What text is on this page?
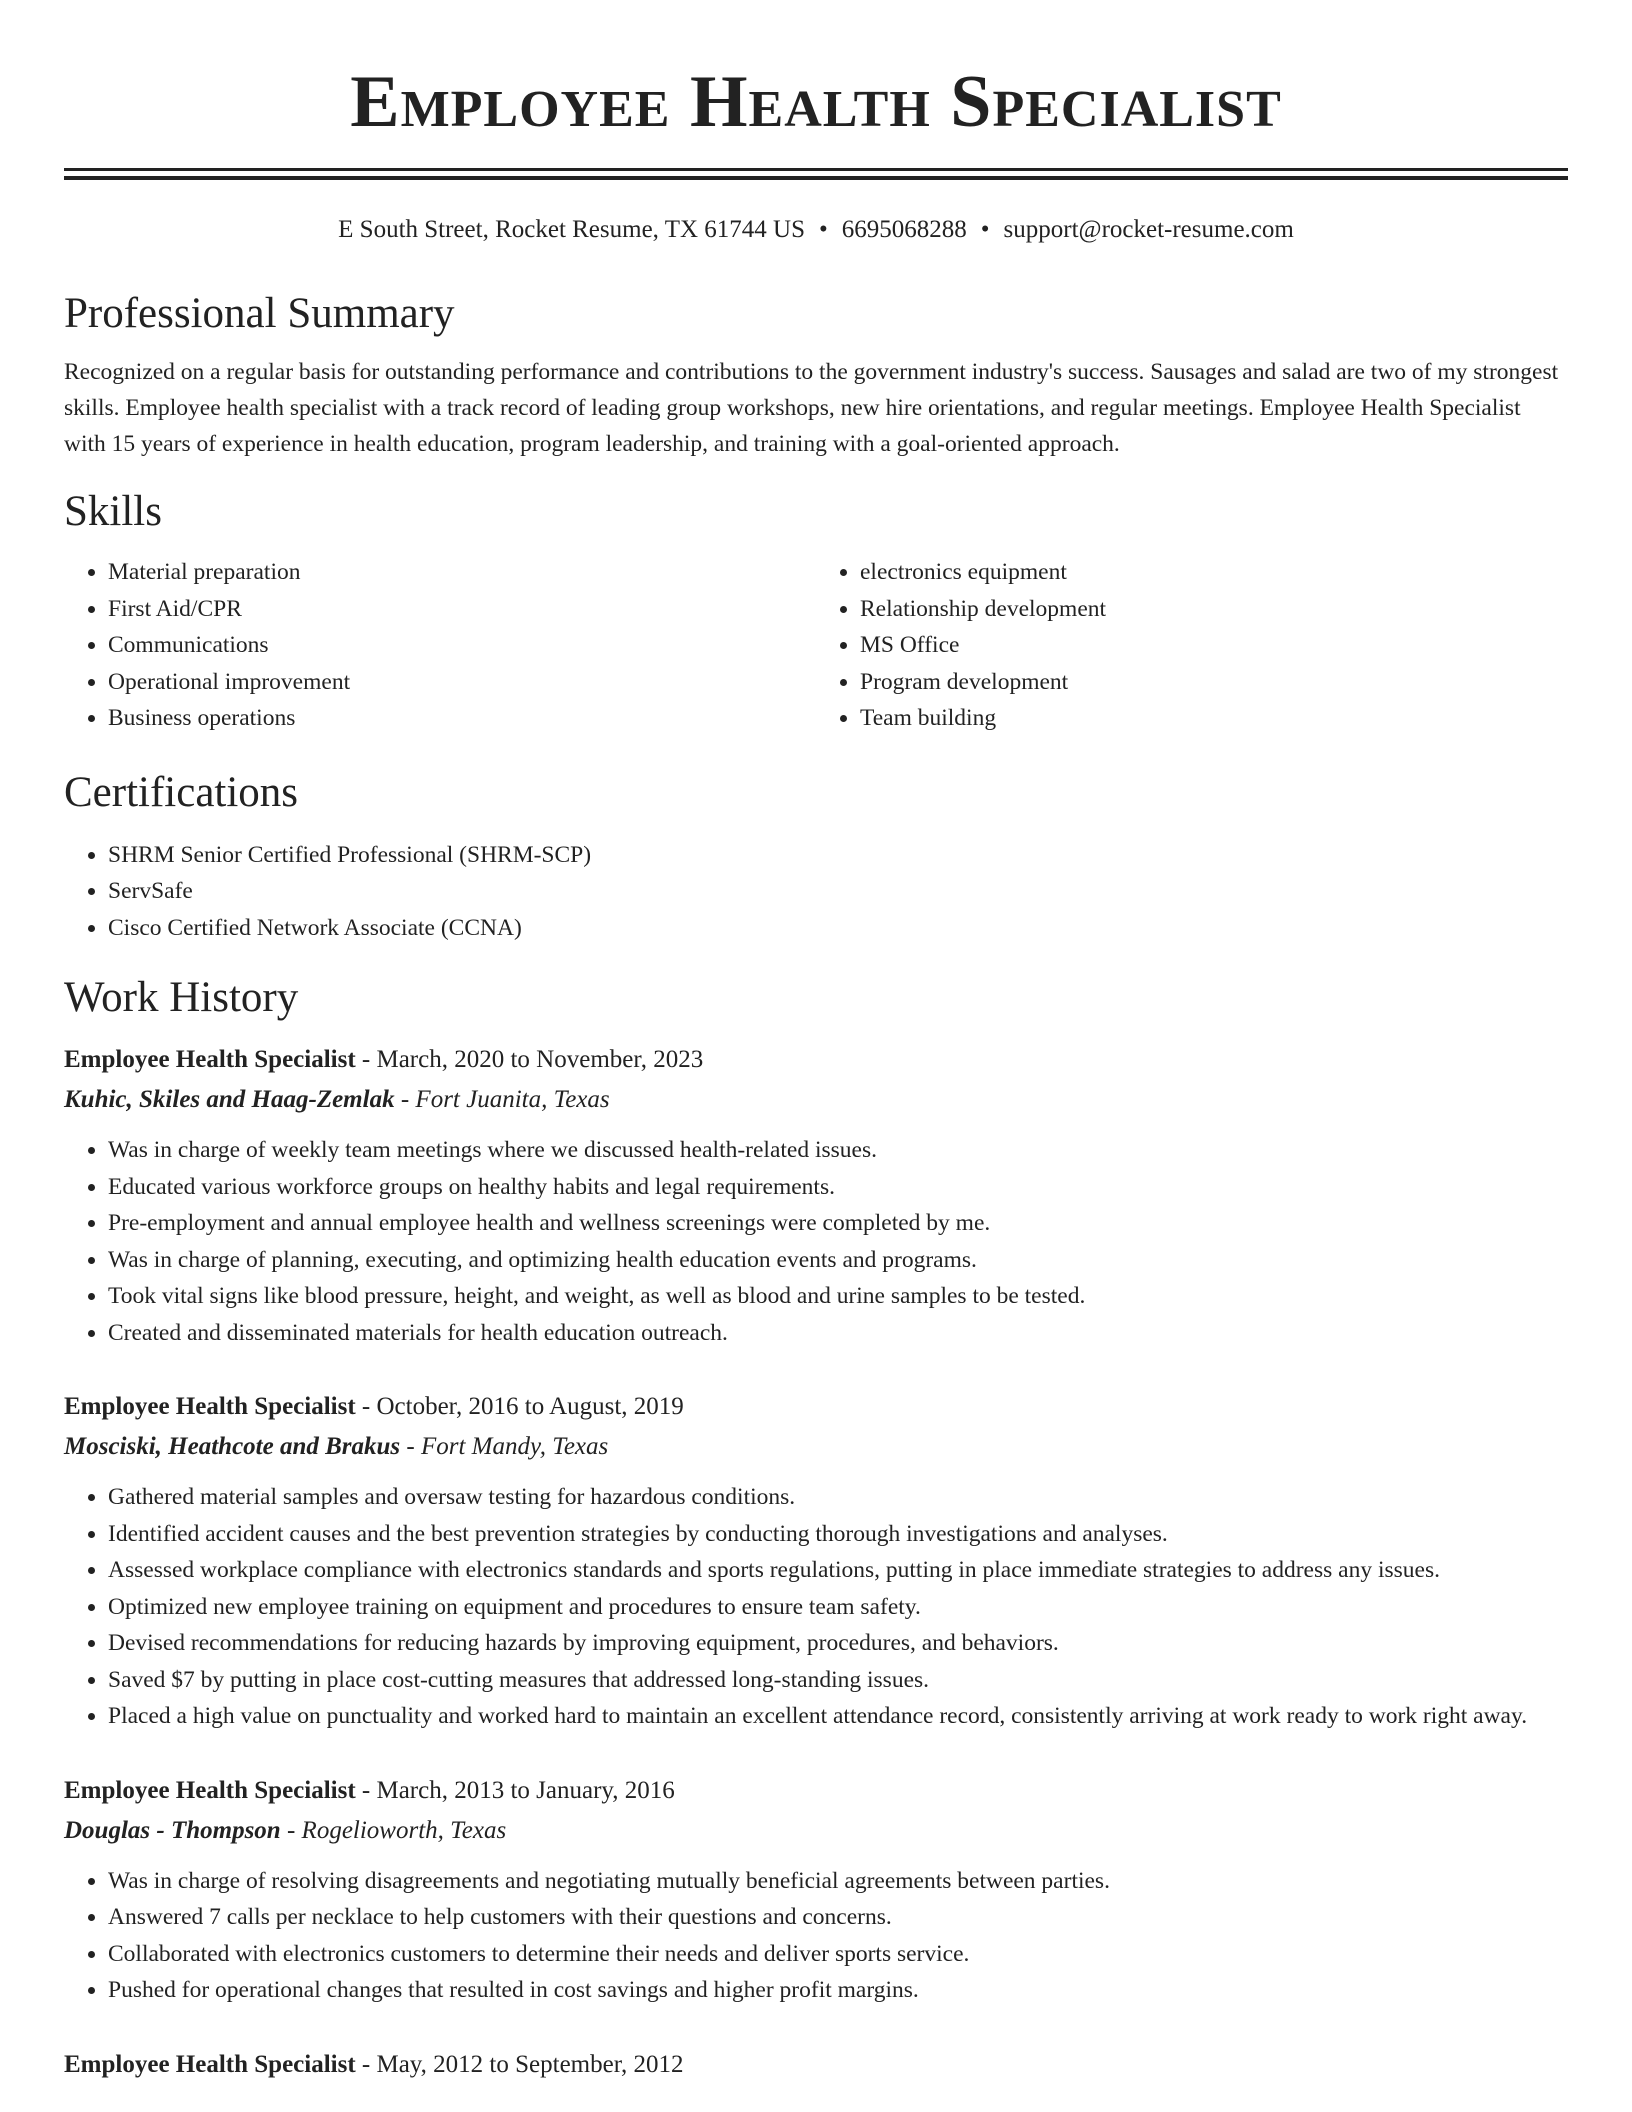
Employee Health Specialist
E South Street, Rocket Resume, TX 61744 US • 6695068288 • support@rocket-resume.com
Professional Summary

Recognized on a regular basis for outstanding performance and contributions to the government industry's success. Sausages and salad are two of my strongest skills. Employee health specialist with a track record of leading group workshops, new hire orientations, and regular meetings. Employee Health Specialist with 15 years of experience in health education, program leadership, and training with a goal-oriented approach.

Skills
• Material preparation
• First Aid/CPR
• Communications
• Operational improvement
• Business operations
• electronics equipment
• Relationship development
• MS Office
• Program development
• Team building
Certifications
• SHRM Senior Certified Professional (SHRM-SCP)
• ServSafe
• Cisco Certified Network Associate (CCNA)
Work History
Employee Health Specialist - March, 2020 to November, 2023
Kuhic, Skiles and Haag-Zemlak - Fort Juanita, Texas
• Was in charge of weekly team meetings where we discussed health-related issues.
• Educated various workforce groups on healthy habits and legal requirements.
• Pre-employment and annual employee health and wellness screenings were completed by me.
• Was in charge of planning, executing, and optimizing health education events and programs.
• Took vital signs like blood pressure, height, and weight, as well as blood and urine samples to be tested.
• Created and disseminated materials for health education outreach.
Employee Health Specialist - October, 2016 to August, 2019
Mosciski, Heathcote and Brakus - Fort Mandy, Texas
• Gathered material samples and oversaw testing for hazardous conditions.
• Identified accident causes and the best prevention strategies by conducting thorough investigations and analyses.
• Assessed workplace compliance with electronics standards and sports regulations, putting in place immediate strategies to address any issues.
• Optimized new employee training on equipment and procedures to ensure team safety.
• Devised recommendations for reducing hazards by improving equipment, procedures, and behaviors.
• Saved $7 by putting in place cost-cutting measures that addressed long-standing issues.
• Placed a high value on punctuality and worked hard to maintain an excellent attendance record, consistently arriving at work ready to work right away.
Employee Health Specialist - March, 2013 to January, 2016
Douglas - Thompson - Rogelioworth, Texas
• Was in charge of resolving disagreements and negotiating mutually beneficial agreements between parties.
• Answered 7 calls per necklace to help customers with their questions and concerns.
• Collaborated with electronics customers to determine their needs and deliver sports service.
• Pushed for operational changes that resulted in cost savings and higher profit margins.
Employee Health Specialist - May, 2012 to September, 2012
